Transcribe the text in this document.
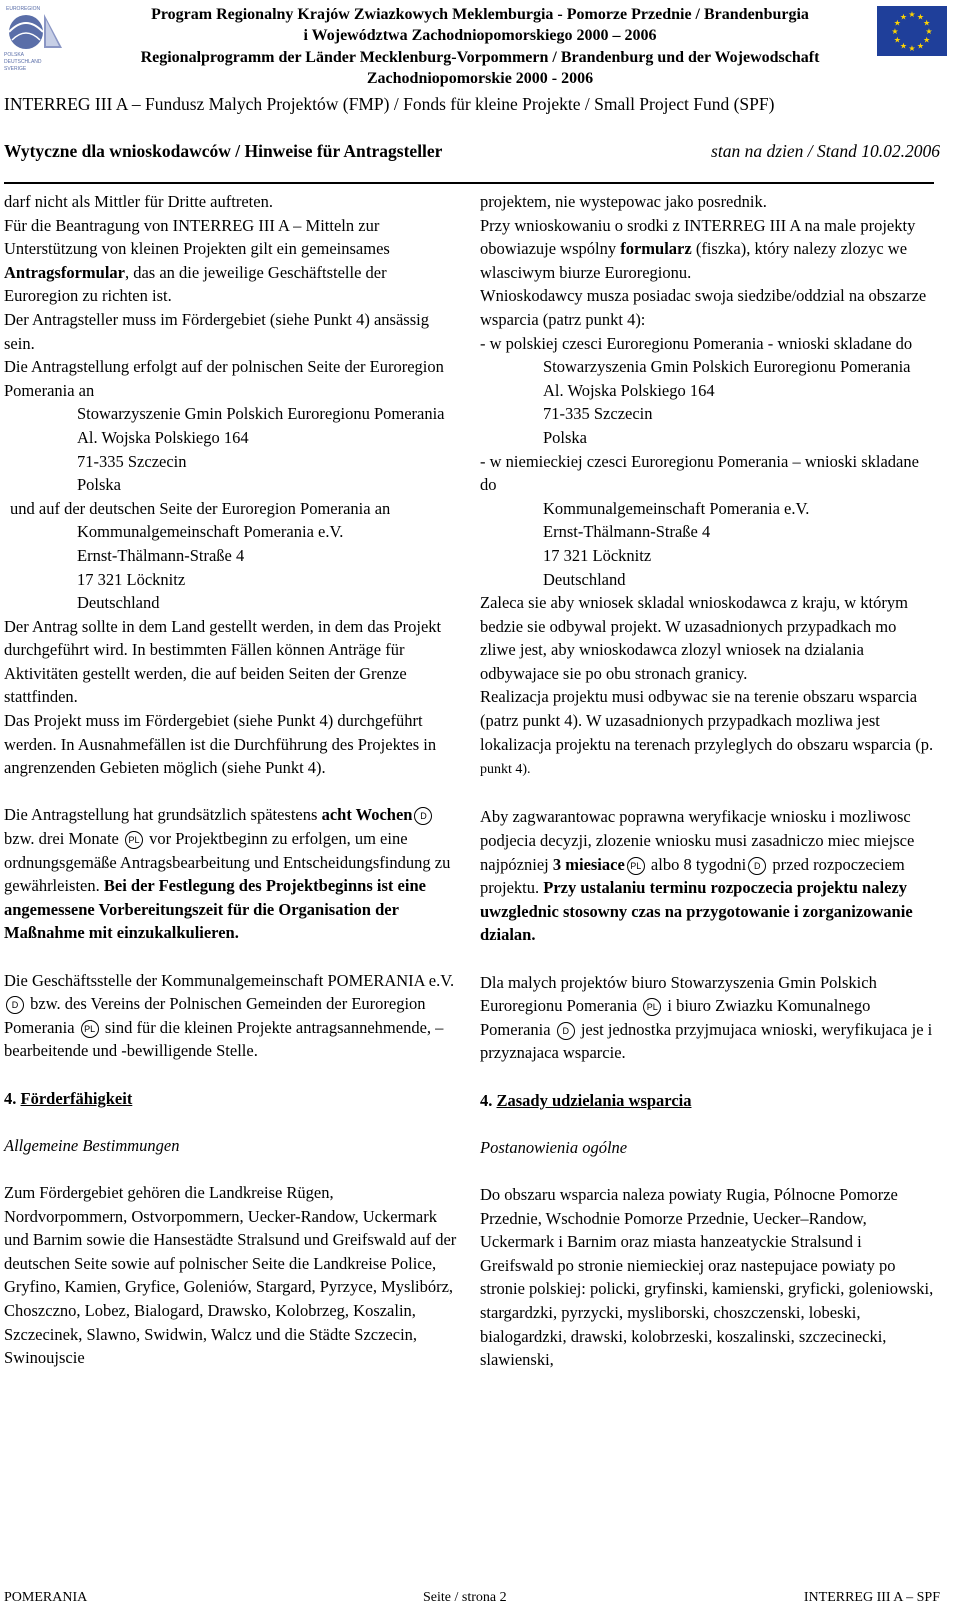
EUROREGION
POLSKA DEUTSCHLAND SVERIGE
★
★
★
★
★
★
★
★
★ ★ ★
★
Program Regionalny Krajów Zwiazkowych Meklemburgia - Pomorze Przednie / Brandenburgia
i Województwa Zachodniopomorskiego 2000 – 2006
Regionalprogramm der Länder Mecklenburg-Vorpommern / Brandenburg und der Wojewodschaft
Zachodniopomorskie 2000 - 2006
INTERREG III A – Fundusz Malych Projektów (FMP) / Fonds für kleine Projekte / Small Project Fund (SPF)
Wytyczne dla wnioskodawców / Hinweise für Antragsteller	stan na dzien / Stand 10.02.2006

darf nicht als Mittler für Dritte auftreten.

Für die Beantragung von INTERREG III A – Mitteln zur Unterstützung von kleinen Projekten gilt ein gemeinsames Antragsformular, das an die jeweilige Geschäftstelle der Euroregion zu richten ist.

Der Antragsteller muss im Fördergebiet (siehe Punkt 4) ansässig sein.

Die Antragstellung erfolgt auf der polnischen Seite der Euroregion Pomerania an

Stowarzyszenie Gmin Polskich Euroregionu Pomerania

Al. Wojska Polskiego 164

71-335 Szczecin

Polska

und auf der deutschen Seite der Euroregion Pomerania an

Kommunalgemeinschaft Pomerania e.V.

Ernst-Thälmann-Straße 4

17 321 Löcknitz

Deutschland

Der Antrag sollte in dem Land gestellt werden, in dem das Projekt durchgeführt wird. In bestimmten Fällen können Anträge für Aktivitäten gestellt werden, die auf beiden Seiten der Grenze stattfinden.

Das Projekt muss im Fördergebiet (siehe Punkt 4) durchgeführt werden. In Ausnahmefällen ist die Durchführung des Projektes in angrenzenden Gebieten möglich (siehe Punkt 4).

Die Antragstellung hat grundsätzlich spätestens acht Wochen D bzw. drei Monate PL vor Projektbeginn zu erfolgen, um eine ordnungsgemäße Antragsbearbeitung und Entscheidungsfindung zu gewährleisten. Bei der Festlegung des Projektbeginns ist eine angemessene Vorbereitungszeit für die Organisation der Maßnahme mit einzukalkulieren.

Die Geschäftsstelle der Kommunalgemeinschaft POMERANIA e.V. D bzw. des Vereins der Polnischen Gemeinden der Euroregion Pomerania PL sind für die kleinen Projekte antragsannehmende, – bearbeitende und -bewilligende Stelle.

4. Förderfähigkeit

Allgemeine Bestimmungen

Zum Fördergebiet gehören die Landkreise Rügen, Nordvorpommern, Ostvorpommern, Uecker-Randow, Uckermark und Barnim sowie die Hansestädte Stralsund und Greifswald auf der deutschen Seite sowie auf polnischer Seite die Landkreise Police, Gryfino, Kamien, Gryfice, Goleniów, Stargard, Pyrzyce, Myslibórz, Choszczno, Lobez, Bialogard, Drawsko, Kolobrzeg, Koszalin, Szczecinek, Slawno, Swidwin, Walcz und die Städte Szczecin, Swinoujscie

projektem, nie wystepowac jako posrednik.

Przy wnioskowaniu o srodki z INTERREG III A na male projekty obowiazuje wspólny formularz (fiszka), który nalezy zlozyc we wlasciwym biurze Euroregionu.

Wnioskodawcy musza posiadac swoja siedzibe/oddzial na obszarze wsparcia (patrz punkt 4):

- w polskiej czesci Euroregionu Pomerania - wnioski skladane do

Stowarzyszenia Gmin Polskich Euroregionu Pomerania

Al. Wojska Polskiego 164

71-335 Szczecin

Polska

- w niemieckiej czesci Euroregionu Pomerania – wnioski skladane do

Kommunalgemeinschaft Pomerania e.V.

Ernst-Thälmann-Straße 4

17 321 Löcknitz

Deutschland

Zaleca sie aby wniosek skladal wnioskodawca z kraju, w którym bedzie sie odbywal projekt. W uzasadnionych przypadkach mo zliwe jest, aby wnioskodawca zlozyl wniosek na dzialania odbywajace sie po obu stronach granicy.

Realizacja projektu musi odbywac sie na terenie obszaru wsparcia (patrz punkt 4). W uzasadnionych przypadkach mozliwa jest lokalizacja projektu na terenach przyleglych do obszaru wsparcia (p. punkt 4).

Aby zagwarantowac poprawna weryfikacje wniosku i mozliwosc podjecia decyzji, zlozenie wniosku musi zasadniczo miec miejsce najpózniej 3 miesiace PL albo 8 tygodni D przed rozpoczeciem projektu. Przy ustalaniu terminu rozpoczecia projektu nalezy uwzglednic stosowny czas na przygotowanie i zorganizowanie dzialan.

Dla malych projektów biuro Stowarzyszenia Gmin Polskich Euroregionu Pomerania PL i biuro Zwiazku Komunalnego Pomerania D jest jednostka przyjmujaca wnioski, weryfikujaca je i przyznajaca wsparcie.

4. Zasady udzielania wsparcia

Postanowienia ogólne

Do obszaru wsparcia naleza powiaty Rugia, Pólnocne Pomorze Przednie, Wschodnie Pomorze Przednie, Uecker–Randow, Uckermark i Barnim oraz miasta hanzeatyckie Stralsund i Greifswald po stronie niemieckiej oraz nastepujace powiaty po stronie polskiej: policki, gryfinski, kamienski, gryficki, goleniowski, stargardzki, pyrzycki, mysliborski, choszczenski, lobeski, bialogardzki, drawski, kolobrzeski, koszalinski, szczecinecki, slawienski,

POMERANIA	Seite / strona 2	INTERREG III A – SPF
